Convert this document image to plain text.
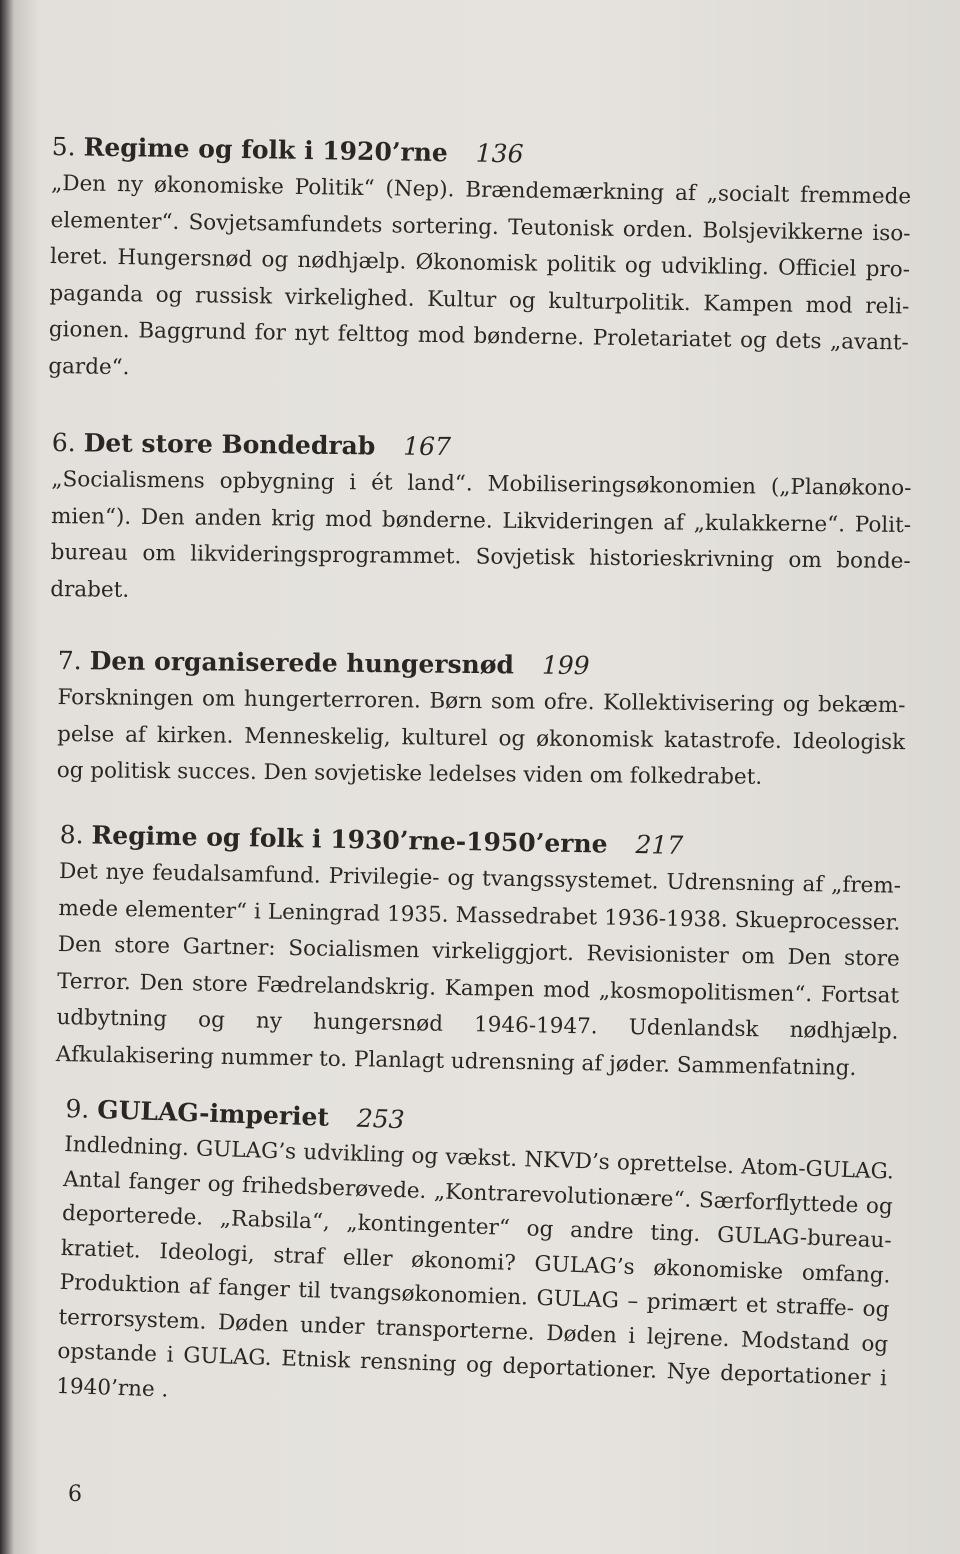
5. Regime og folk i 1920’rne 136
„Den ny økonomiske Politik“ (Nep). Brændemærkning af „socialt fremmede elementer“. Sovjetsamfundets sortering. Teutonisk orden. Bolsjevikkerne isoleret. Hungersnød og nødhjælp. Økonomisk politik og udvikling. Officiel propaganda og russisk virkelighed. Kultur og kulturpolitik. Kampen mod religionen. Baggrund for nyt felttog mod bønderne. Proletariatet og dets „avantgarde“.
6. Det store Bondedrab 167
„Socialismens opbygning i ét land“. Mobiliseringsøkonomien („Planøkonomien“). Den anden krig mod bønderne. Likvideringen af „kulakkerne“. Politbureau om likvideringsprogrammet. Sovjetisk historieskrivning om bondedrabet.
7. Den organiserede hungersnød 199
Forskningen om hungerterroren. Børn som ofre. Kollektivisering og bekæmpelse af kirken. Menneskelig, kulturel og økonomisk katastrofe. Ideologisk og politisk succes. Den sovjetiske ledelses viden om folkedrabet.
8. Regime og folk i 1930’rne-1950’erne 217
Det nye feudalsamfund. Privilegie- og tvangssystemet. Udrensning af „fremmede elementer“ i Leningrad 1935. Massedrabet 1936-1938. Skueprocesser. Den store Gartner: Socialismen virkeliggjort. Revisionister om Den store Terror. Den store Fædrelandskrig. Kampen mod „kosmopolitismen“. Fortsat udbytning og ny hungersnød 1946-1947. Udenlandsk nødhjælp. Afkulakisering nummer to. Planlagt udrensning af jøder. Sammenfatning.
9. GULAG-imperiet 253
Indledning. GULAG’s udvikling og vækst. NKVD’s oprettelse. Atom-GULAG. Antal fanger og frihedsberøvede. „Kontrarevolutionære“. Særforflyttede og deporterede. „Rabsila“, „kontingenter“ og andre ting. GULAG-bureaukratiet. Ideologi, straf eller økonomi? GULAG’s økonomiske omfang. Produktion af fanger til tvangsøkonomien. GULAG – primært et straffe- og terrorsystem. Døden under transporterne. Døden i lejrene. Modstand og opstande i GULAG. Etnisk rensning og deportationer. Nye deportationer i 1940’rne .
6
